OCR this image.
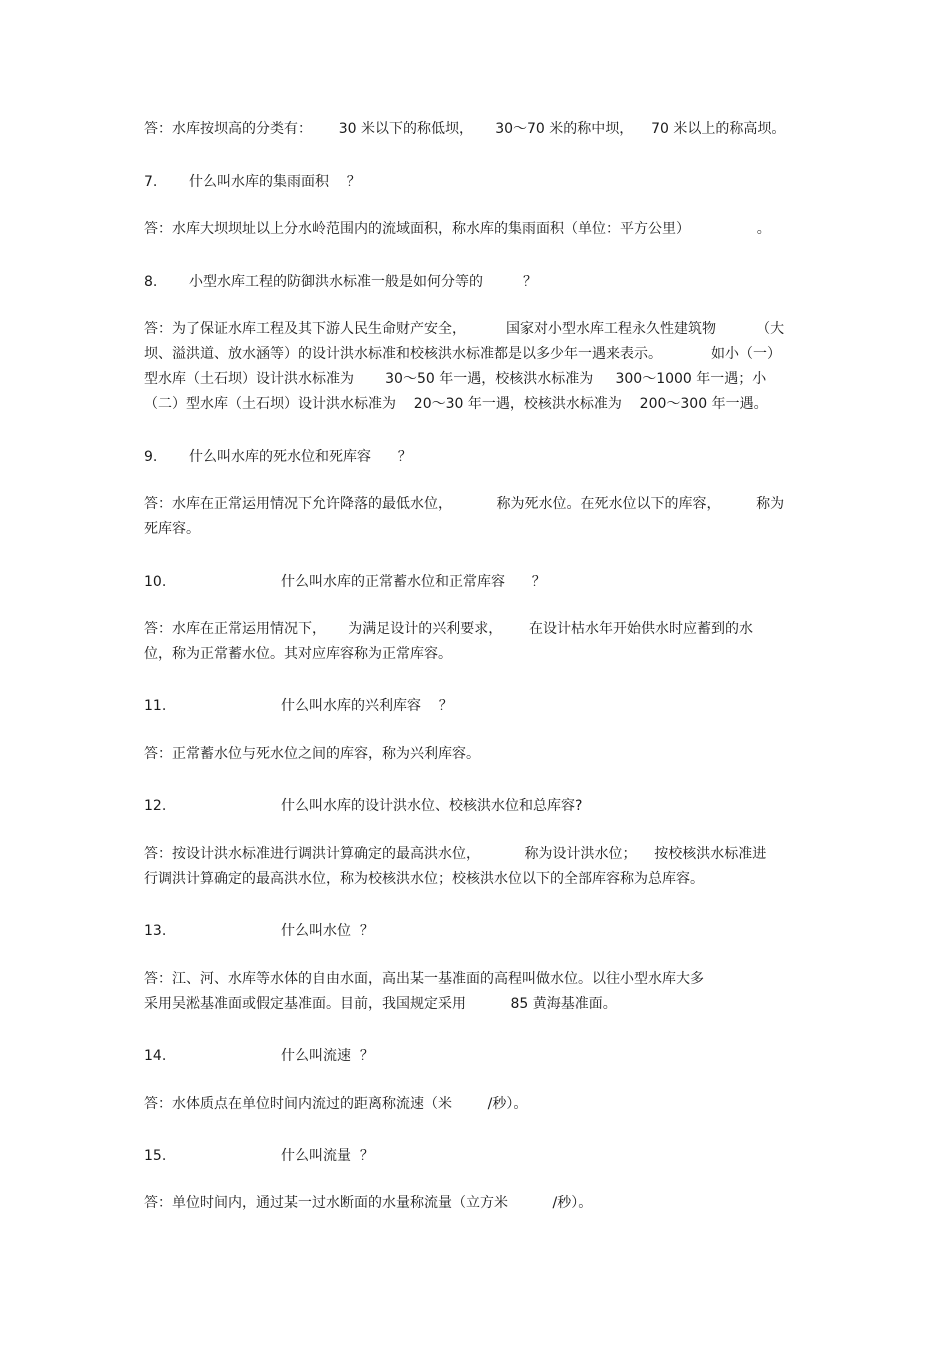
答：水库按坝高的分类有：      30 米以下的称低坝，     30～70 米的称中坝，    70 米以上的称高坝。
7. 什么叫水库的集雨面积    ？
答：水库大坝坝址以上分水岭范围内的流域面积，称水库的集雨面积（单位：平方公里）               。
8. 小型水库工程的防御洪水标准一般是如何分等的         ？
答：为了保证水库工程及其下游人民生命财产安全，         国家对小型水库工程永久性建筑物         （大
坝、溢洪道、放水涵等）的设计洪水标准和校核洪水标准都是以多少年一遇来表示。           如小（一）
型水库（土石坝）设计洪水标准为       30～50 年一遇，校核洪水标准为     300～1000 年一遇；小
（二）型水库（土石坝）设计洪水标准为    20～30 年一遇，校核洪水标准为    200～300 年一遇。
9. 什么叫水库的死水位和死库容      ？
答：水库在正常运用情况下允许降落的最低水位，          称为死水位。在死水位以下的库容，        称为
死库容。
10.	什么叫水库的正常蓄水位和正常库容      ？
答：水库在正常运用情况下，     为满足设计的兴利要求，      在设计枯水年开始供水时应蓄到的水
位，称为正常蓄水位。其对应库容称为正常库容。
11.	什么叫水库的兴利库容    ？
答：正常蓄水位与死水位之间的库容，称为兴利库容。
12.	什么叫水库的设计洪水位、校核洪水位和总库容?
答：按设计洪水标准进行调洪计算确定的最高洪水位，          称为设计洪水位；    按校核洪水标准进
行调洪计算确定的最高洪水位，称为校核洪水位；校核洪水位以下的全部库容称为总库容。
13.	什么叫水位  ？
答：江、河、水库等水体的自由水面，高出某一基准面的高程叫做水位。以往小型水库大多
采用吴淞基准面或假定基准面。目前，我国规定采用          85 黄海基准面。
14.	什么叫流速  ？
答：水体质点在单位时间内流过的距离称流速（米        /秒）。
15.	什么叫流量  ？
答：单位时间内，通过某一过水断面的水量称流量（立方米          /秒）。
